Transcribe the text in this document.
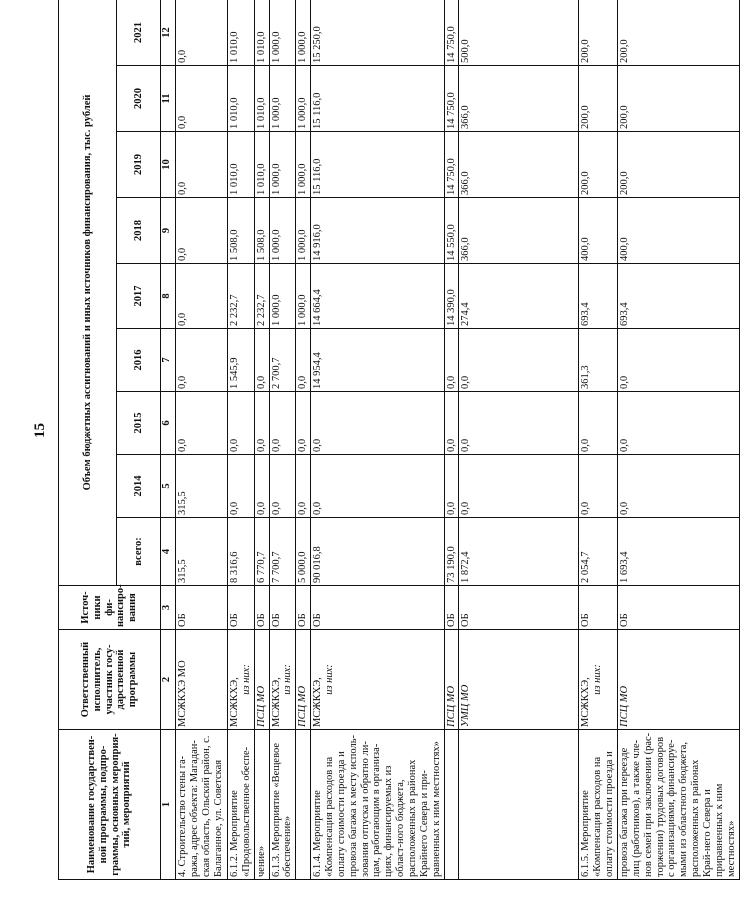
15
Наименование государствен-ной программы, подпро-граммы, основных мероприя-тий, мероприятий	Ответственный исполнитель, участник госу-дарственной программы	Источ-ники фи-нансиро-вания	Объем бюджетных ассигнований и иных источников финансирования, тыс. рублей								
			всего:	2014	2015	2016	2017	2018	2019	2020	2021
1	2	3	4	5	6	7	8	9	10	11	12
4. Строительство стены га-ража, адрес объекта: Магадан-ская область, Ольский район, с. Балаганное, ул. Советская	МСЖКХЭ МО	ОБ	315,5	315,5	0,0	0,0	0,0	0,0	0,0	0,0	0,0
6.1.2. Мероприятие «Продовольственное обеспе-	МСЖКХЭ, из них:	ОБ	8 316,6	0,0	0,0	1 545,9	2 232,7	1 508,0	1 010,0	1 010,0	1 010,0
чение»	ПСЦ МО	ОБ	6 770,7	0,0	0,0	0,0	2 232,7	1 508,0	1 010,0	1 010,0	1 010,0
6.1.3. Мероприятие «Вещевое обеспечение»	МСЖКХЭ, из них:	ОБ	7 700,7	0,0	0,0	2 700,7	1 000,0	1 000,0	1 000,0	1 000,0	1 000,0

	ПСЦ МО	ОБ	5 000,0	0,0	0,0	0,0	1 000,0	1 000,0	1 000,0	1 000,0	1 000,0
6.1.4. Мероприятие «Компенсация расходов на оплату стоимости проезда и провоза багажа к месту исполь-зования отпуска и обратно ли-цам, работающим в организа-циях, финансируемых из област-ного бюджета, расположенных в районах Крайнего Севера и при-равненных к ним местностях»	МСЖКХЭ, из них:	ОБ	90 016,8	0,0	0,0	14 954,4	14 664,4	14 916,0	15 116,0	15 116,0	15 250,0

	ПСЦ МО	ОБ	73 190,0	0,0	0,0	0,0	14 390,0	14 550,0	14 750,0	14 750,0	14 750,0

	УМЦ МО	ОБ	1 872,4	0,0	0,0	0,0	274,4	366,0	366,0	366,0	500,0
6.1.5. Мероприятие «Компенсация расходов на оплату стоимости проезда и	МСЖКХЭ, из них:	ОБ	2 054,7	0,0	0,0	361,3	693,4	400,0	200,0	200,0	200,0
провоза багажа при переезде лиц (работников), а также чле-нов семей при заключении (рас-торжении) трудовых договоров с организациями, финансируе-мыми из областного бюджета, расположенных в районах Край-него Севера и приравненных к ним местностях»	ПСЦ МО	ОБ	1 693,4	0,0	0,0	0,0	693,4	400,0	200,0	200,0	200,0
